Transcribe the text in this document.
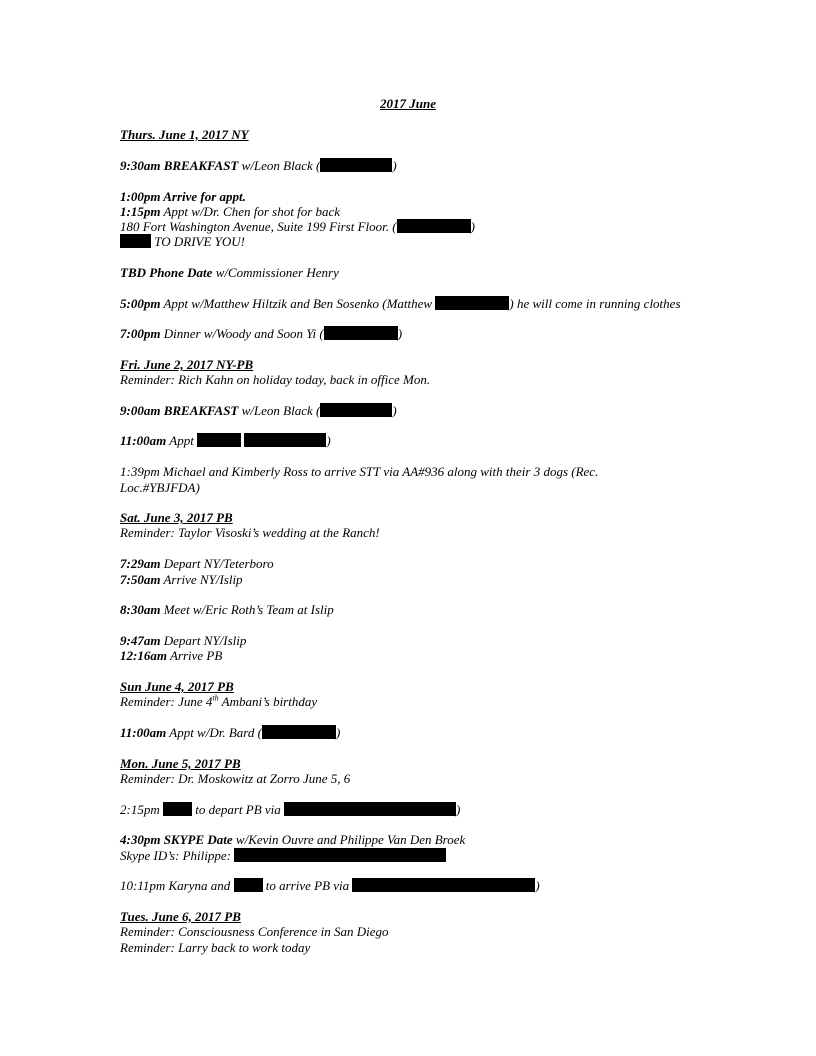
2017 June
Thurs. June 1, 2017 NY
9:30am BREAKFAST w/Leon Black (	)
1:00pm Arrive for appt.
1:15pm Appt w/Dr. Chen for shot for back
180 Fort Washington Avenue, Suite 199 First Floor. (	)
TO DRIVE YOU!
TBD Phone Date w/Commissioner Henry
5:00pm Appt w/Matthew Hiltzik and Ben Sosenko (Matthew	) he will come in running clothes
7:00pm Dinner w/Woody and Soon Yi (	)
Fri. June 2, 2017 NY-PB
Reminder: Rich Kahn on holiday today, back in office Mon.
9:00am BREAKFAST w/Leon Black (	)
11:00am Appt	)
1:39pm Michael and Kimberly Ross to arrive STT via AA#936 along with their 3 dogs (Rec.
Loc.#YBJFDA)
Sat. June 3, 2017 PB
Reminder: Taylor Visoski’s wedding at the Ranch!
7:29am Depart NY/Teterboro
7:50am Arrive NY/Islip
8:30am Meet w/Eric Roth’s Team at Islip
9:47am Depart NY/Islip
12:16am Arrive PB
Sun June 4, 2017 PB
Reminder: June 4th Ambani’s birthday
11:00am Appt w/Dr. Bard (	)
Mon. June 5, 2017 PB
Reminder: Dr. Moskowitz at Zorro June 5, 6
2:15pm	to depart PB via	)
4:30pm SKYPE Date w/Kevin Ouvre and Philippe Van Den Broek
Skype ID’s: Philippe:
10:11pm Karyna and	to arrive PB via	)
Tues. June 6, 2017 PB
Reminder: Consciousness Conference in San Diego
Reminder: Larry back to work today
